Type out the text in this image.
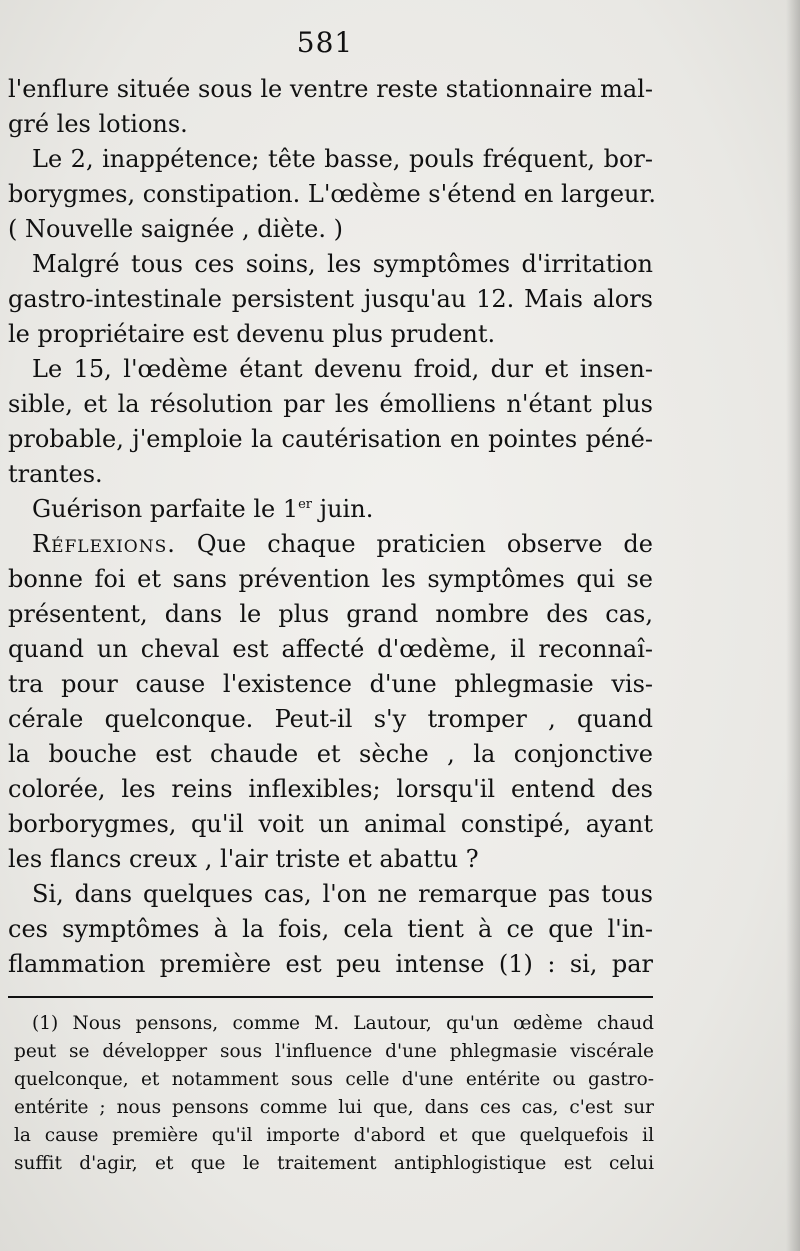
581
l'enflure située sous le ventre reste stationnaire mal-
gré les lotions.
Le 2, inappétence; tête basse, pouls fréquent, bor-
borygmes, constipation. L'œdème s'étend en largeur.
( Nouvelle saignée , diète. )
Malgré tous ces soins, les symptômes d'irritation
gastro-intestinale persistent jusqu'au 12. Mais alors
le propriétaire est devenu plus prudent.
Le 15, l'œdème étant devenu froid, dur et insen-
sible, et la résolution par les émolliens n'étant plus
probable, j'emploie la cautérisation en pointes péné-
trantes.
Guérison parfaite le 1er juin.
Réflexions. Que chaque praticien observe de
bonne foi et sans prévention les symptômes qui se
présentent, dans le plus grand nombre des cas,
quand un cheval est affecté d'œdème, il reconnaî-
tra pour cause l'existence d'une phlegmasie vis-
cérale quelconque. Peut-il s'y tromper , quand
la bouche est chaude et sèche , la conjonctive
colorée, les reins inflexibles; lorsqu'il entend des
borborygmes, qu'il voit un animal constipé, ayant
les flancs creux , l'air triste et abattu ?
Si, dans quelques cas, l'on ne remarque pas tous
ces symptômes à la fois, cela tient à ce que l'in-
flammation première est peu intense (1) : si, par
(1) Nous pensons, comme M. Lautour, qu'un œdème chaud
peut se développer sous l'influence d'une phlegmasie viscérale
quelconque, et notamment sous celle d'une entérite ou gastro-
entérite ; nous pensons comme lui que, dans ces cas, c'est sur
la cause première qu'il importe d'abord et que quelquefois il
suffit d'agir, et que le traitement antiphlogistique est celui
